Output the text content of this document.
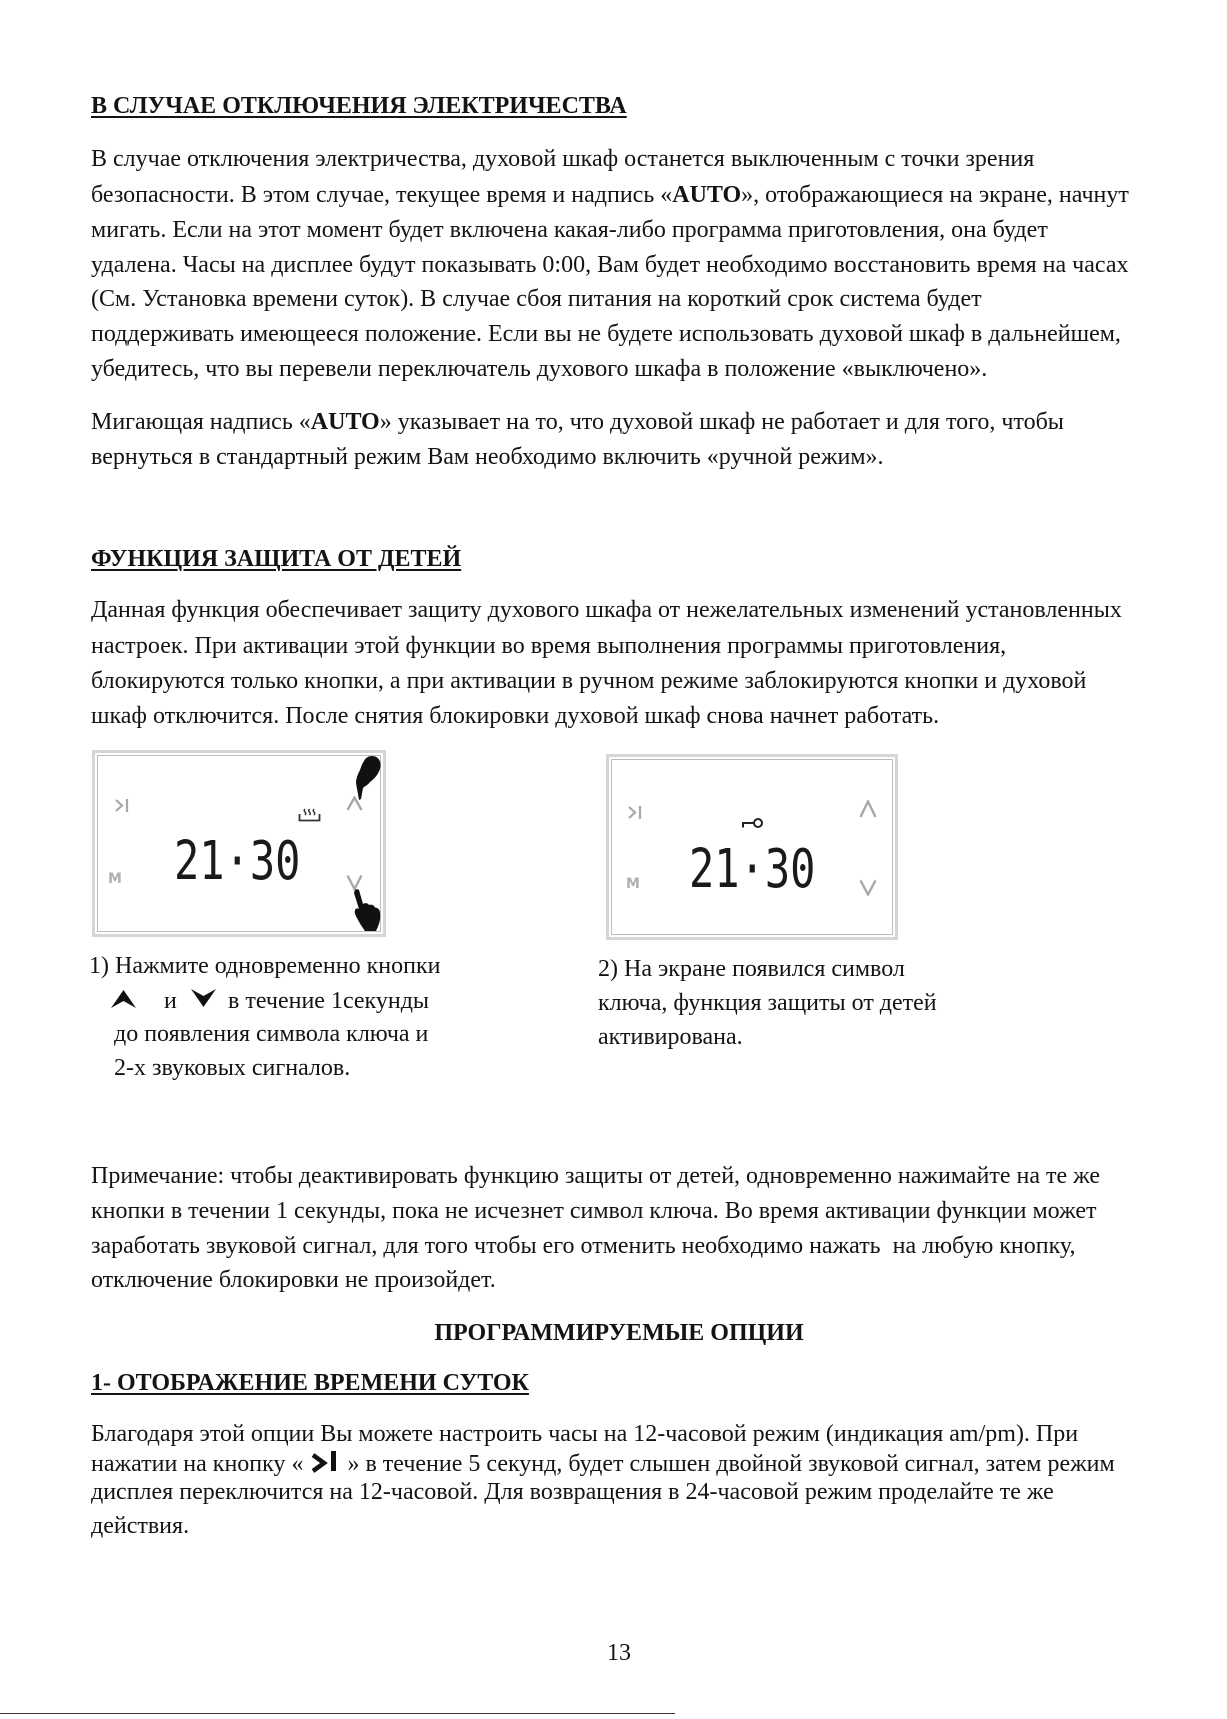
В СЛУЧАЕ ОТКЛЮЧЕНИЯ ЭЛЕКТРИЧЕСТВА
В случае отключения электричества, духовой шкаф останется выключенным с точки зрения
безопасности. В этом случае, текущее время и надпись «AUTO», отображающиеся на экране, начнут
мигать. Если на этот момент будет включена какая-либо программа приготовления, она будет
удалена. Часы на дисплее будут показывать 0:00, Вам будет необходимо восстановить время на часах
(См. Установка времени суток). В случае сбоя питания на короткий срок система будет
поддерживать имеющееся положение. Если вы не будете использовать духовой шкаф в дальнейшем,
убедитесь, что вы перевели переключатель духового шкафа в положение «выключено».
Мигающая надпись «AUTO» указывает на то, что духовой шкаф не работает и для того, чтобы
вернуться в стандартный режим Вам необходимо включить «ручной режим».
ФУНКЦИЯ ЗАЩИТА ОТ ДЕТЕЙ
Данная функция обеспечивает защиту духового шкафа от нежелательных изменений установленных
настроек. При активации этой функции во время выполнения программы приготовления,
блокируются только кнопки, а при активации в ручном режиме заблокируются кнопки и духовой
шкаф отключится. После снятия блокировки духовой шкаф снова начнет работать.
M 21·30	M 21·30
1) Нажмите одновременно кнопки
и в течение 1секунды
до появления символа ключа и
2-х звуковых сигналов.
2) На экране появился символ
ключа, функция защиты от детей
активирована.
Примечание: чтобы деактивировать функцию защиты от детей, одновременно нажимайте на те же
кнопки в течении 1 секунды, пока не исчезнет символ ключа. Во время активации функции может
заработать звуковой сигнал, для того чтобы его отменить необходимо нажать  на любую кнопку,
отключение блокировки не произойдет.
ПРОГРАММИРУЕМЫЕ ОПЦИИ
1- ОТОБРАЖЕНИЕ ВРЕМЕНИ СУТОК
Благодаря этой опции Вы можете настроить часы на 12-часовой режим (индикация am/pm). При
нажатии на кнопку «  » в течение 5 секунд, будет слышен двойной звуковой сигнал, затем режим
дисплея переключится на 12-часовой. Для возвращения в 24-часовой режим проделайте те же
действия.
13
